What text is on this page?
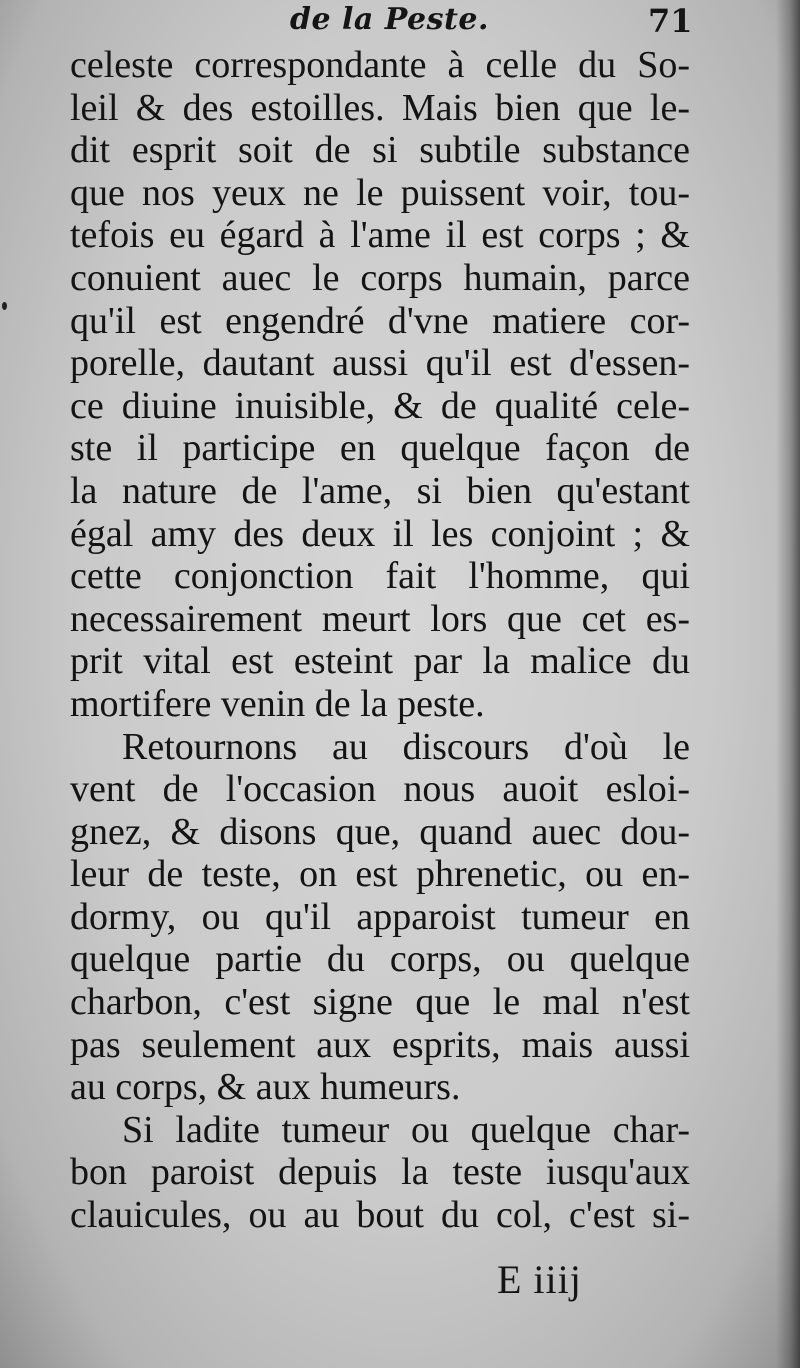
de la Peste.	71
celeste correspondante à celle du So-
leil & des estoilles. Mais bien que le-
dit esprit soit de si subtile substance
que nos yeux ne le puissent voir, tou-
tefois eu égard à l'ame il est corps ; &
conuient auec le corps humain, parce
qu'il est engendré d'vne matiere cor-
porelle, dautant aussi qu'il est d'essen-
ce diuine inuisible, & de qualité cele-
ste il participe en quelque façon de
la nature de l'ame, si bien qu'estant
égal amy des deux il les conjoint ; &
cette conjonction fait l'homme, qui
necessairement meurt lors que cet es-
prit vital est esteint par la malice du
mortifere venin de la peste.
Retournons au discours d'où le
vent de l'occasion nous auoit esloi-
gnez, & disons que, quand auec dou-
leur de teste, on est phrenetic, ou en-
dormy, ou qu'il apparoist tumeur en
quelque partie du corps, ou quelque
charbon, c'est signe que le mal n'est
pas seulement aux esprits, mais aussi
au corps, & aux humeurs.
Si ladite tumeur ou quelque char-
bon paroist depuis la teste iusqu'aux
clauicules, ou au bout du col, c'est si-
E iiij
